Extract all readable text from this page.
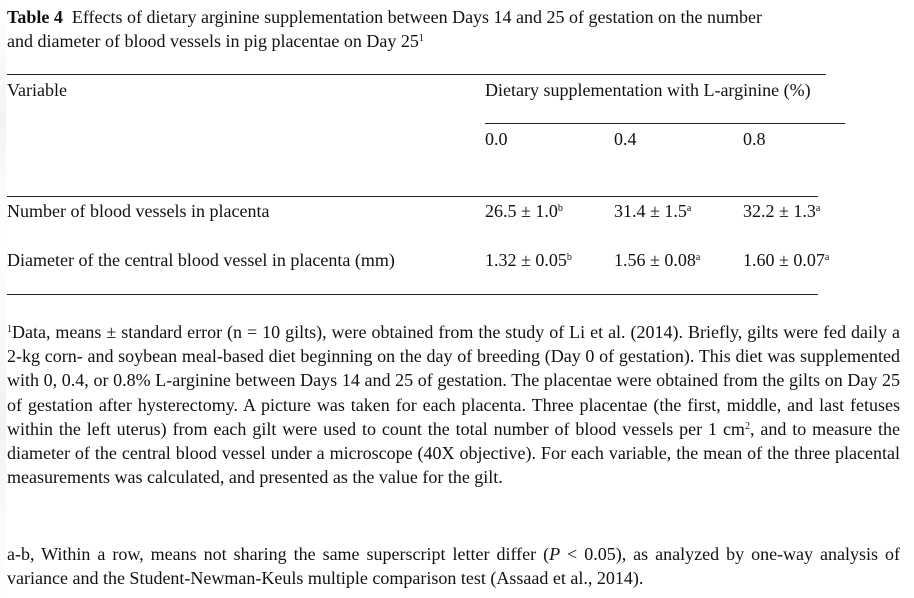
Table 4 Effects of dietary arginine supplementation between Days 14 and 25 of gestation on the number
and diameter of blood vessels in pig placentae on Day $25^1$
Variable	Dietary supplementation with L-arginine (%)
0.0	0.4	0.8
Number of blood vessels in placenta	26.5 ± 1.0$^b$	31.4 ± 1.5$^a$	32.2 ± 1.3$^a$
Diameter of the central blood vessel in placenta (mm)	1.32 ± 0.05$^b$ 1.56 ± 0.08$^a$ 1.60 ± 0.07$^a$
$^1$Data, means ± standard error (n = 10 gilts), were obtained from the study of Li et al. (2014). Briefly, gilts were fed daily a 2-kg corn- and soybean meal-based diet beginning on the day of breeding (Day 0 of gestation). This diet was supplemented with 0, 0.4, or 0.8% L-arginine between Days 14 and 25 of gestation. The placentae were obtained from the gilts on Day 25 of gestation after hysterectomy. A picture was taken for each placenta. Three placentae (the first, middle, and last fetuses within the left uterus) from each gilt were used to count the total number of blood vessels per 1 $cm^2$, and to measure the diameter of the central blood vessel under a microscope (40X objective). For each variable, the mean of the three placental measurements was calculated, and presented as the value for the gilt.
a-b, Within a row, means not sharing the same superscript letter differ (P < 0.05), as analyzed by one-way analysis of variance and the Student-Newman-Keuls multiple comparison test (Assaad et al., 2014).
